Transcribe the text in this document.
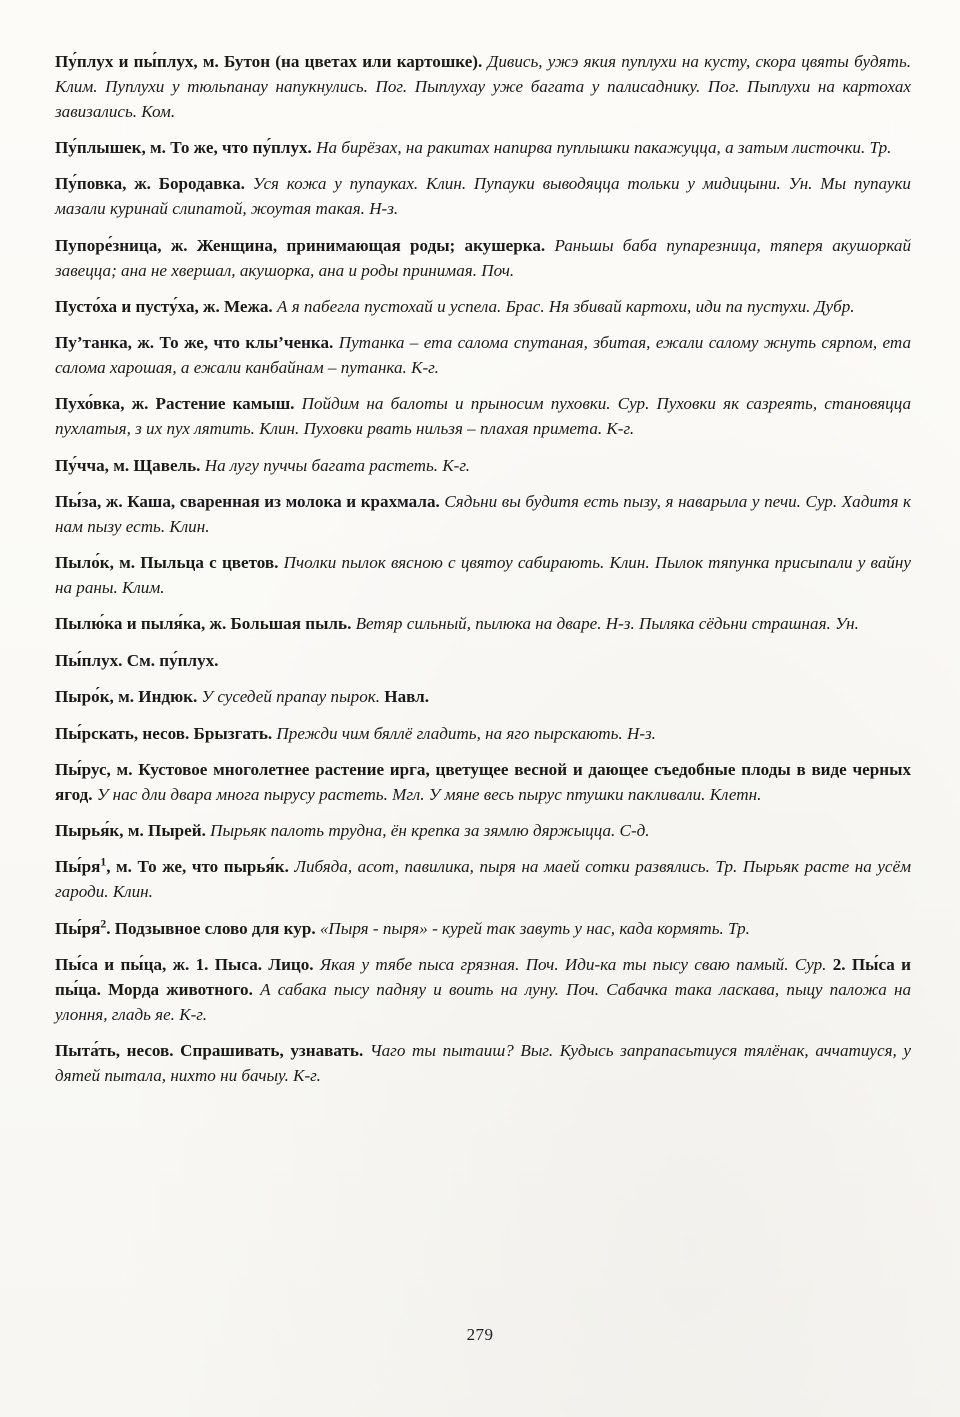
Пу́плух и пы́плух, м. Бутон (на цветах или картошке). Дивись, ужэ якия пуплухи на кусту, скора цвяты будять. Клим. Пуплухи у тюльпанау напукнулись. Пог. Пыплухау уже багата у палисаднику. Пог. Пыплухи на картохах завизались. Ком.

Пу́плышек, м. То же, что пу́плух. На бирёзах, на ракитах напирва пуплышки пакажуцца, а затым листочки. Тр.

Пу́повка, ж. Бородавка. Уся кожа у пупауках. Клин. Пупауки выводяцца тольки у мидицыни. Ун. Мы пупауки мазали куринай слипатой, жоутая такая. Н-з.

Пупоре́зница, ж. Женщина, принимающая роды; акушерка. Раньшы баба пупарезница, тяперя акушоркай завецца; ана не хвершал, акушорка, ана и роды принимая. Поч.

Пусто́ха и пусту́ха, ж. Межа. А я пабегла пустохай и успела. Брас. Ня збивай картохи, иди па пустухи. Дубр.

Пу’танка, ж. То же, что клы’ченка. Путанка – ета салома спутаная, збитая, ежали салому жнуть сярпом, ета салома харошая, а ежали канбайнам – путанка. К-г.

Пухо́вка, ж. Растение камыш. Пойдим на балоты и прыносим пуховки. Сур. Пуховки як сазреять, становяцца пухлатыя, з их пух лятить. Клин. Пуховки рвать нильзя – плахая примета. К-г.

Пу́чча, м. Щавель. На лугу пуччы багата растеть. К-г.

Пы́за, ж. Каша, сваренная из молока и крахмала. Сядьни вы будитя есть пызу, я наварыла у печи. Сур. Хадитя к нам пызу есть. Клин.

Пыло́к, м. Пыльца с цветов. Пчолки пылок вясною с цвятоу сабирають. Клин. Пылок тяпунка присыпали у вайну на раны. Клим.

Пылю́ка и пыля́ка, ж. Большая пыль. Ветяр сильный, пылюка на дваре. Н-з. Пыляка сёдьни страшная. Ун.

Пы́плух. См. пу́плух.

Пыро́к, м. Индюк. У суседей прапау пырок. Навл.

Пы́рскать, несов. Брызгать. Прежди чим бяллё гладить, на яго пырскають. Н-з.

Пы́рус, м. Кустовое многолетнее растение ирга, цветущее весной и дающее съедобные плоды в виде черных ягод. У нас дли двара многа пырусу растеть. Мгл. У мяне весь пырус птушки пакливали. Клетн.

Пырья́к, м. Пырей. Пырьяк палоть трудна, ён крепка за зямлю дяржыцца. С-д.

$Пы́ря^1$, м. То же, что пырья́к. Либяда, асот, павилика, пыря на маей сотки развялись. Тр. Пырьяк расте на усём гароди. Клин.

$Пы́ря^2$. Подзывное слово для кур. «Пыря - пыря» - курей так завуть у нас, када кормять. Тр.

Пы́са и пы́ца, ж. 1. Пыса. Лицо. Якая у тябе пыса грязная. Поч. Иди-ка ты пысу сваю памый. Сур. 2. Пы́са и пы́ца. Морда животного. А сабака пысу падняу и воить на луну. Поч. Сабачка така ласкава, пыцу паложа на улоння, гладь яе. К-г.

Пыта́ть, несов. Спрашивать, узнавать. Чаго ты пытаиш? Выг. Кудысь запрапасьтиуся тялёнак, аччатиуся, у дятей пытала, нихто ни бачыу. К-г.

279
